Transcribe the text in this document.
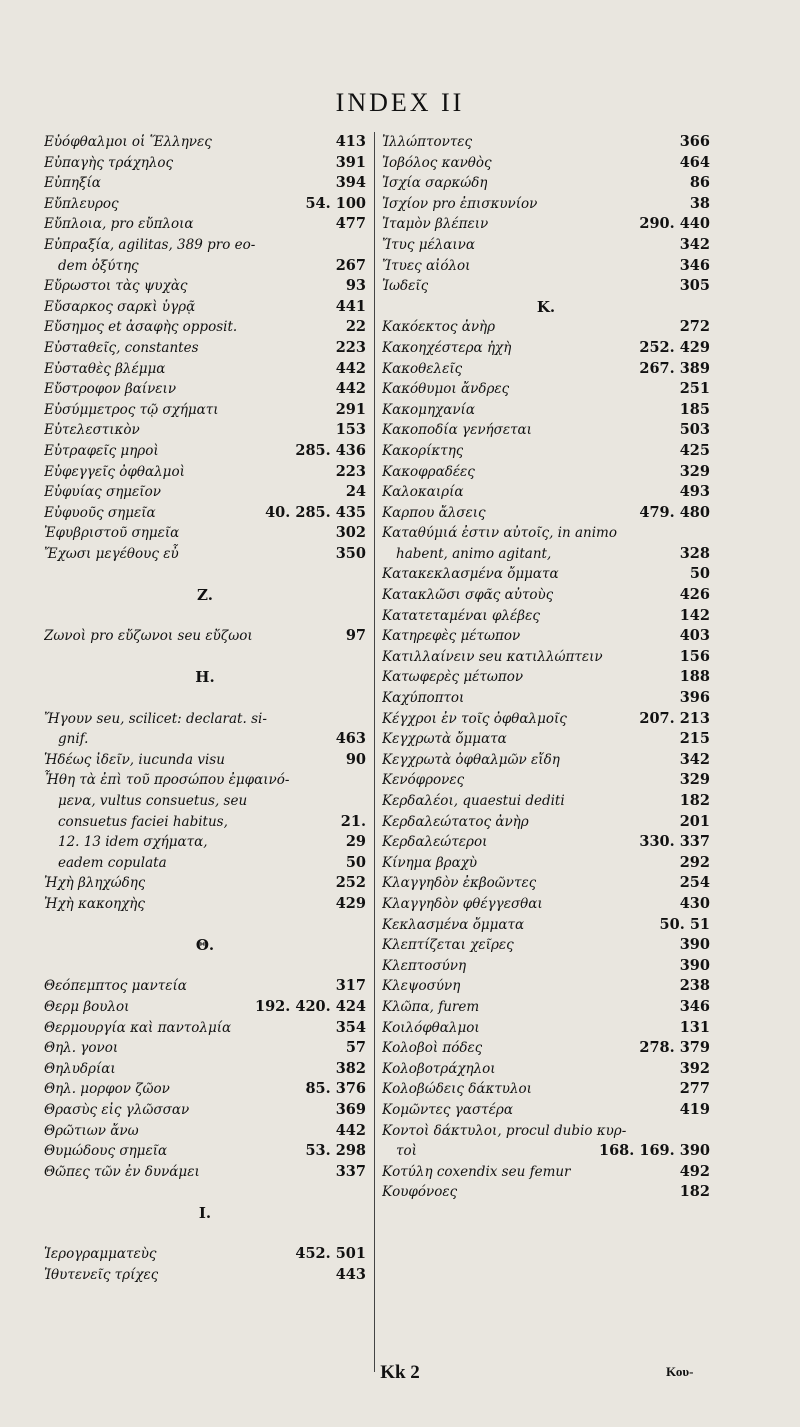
INDEX II
Εὐόφθαλμοι οἱ Ἕλληνες	413
Εὐπαγὴς τράχηλος	391
Εὐπηξία	394
Εὔπλευρος	54. 100
Εὔπλοια, pro εὔπλοια	477
Εὐπραξία, agilitas, 389 pro eo-
dem ὀξύτης	267
Εὔρωστοι τὰς ψυχὰς	93
Εὔσαρκος σαρκὶ ὑγρᾷ	441
Εὔσημος et ἀσαφὴς opposit.	22
Εὐσταθεῖς, constantes	223
Εὐσταθὲς βλέμμα	442
Εὔστροφον βαίνειν	442
Εὐσύμμετρος τῷ σχήματι	291
Εὐτελεστικὸν	153
Εὐτραφεῖς μηροὶ	285. 436
Εὐφεγγεῖς ὀφθαλμοὶ	223
Εὐφυίας σημεῖον	24
Εὐφυοῦς σημεῖα	40. 285. 435
Ἐφυβριστοῦ σημεῖα	302
Ἔχωσι μεγέθους εὖ	350
Z.
Ζωνοὶ pro εὔζωνοι seu εὔζωοι	97
H.
Ἤγουν seu, scilicet: declarat. si-
gnif.	463
Ἡδέως ἰδεῖν, iucunda visu	90
Ἦθη τὰ ἐπὶ τοῦ προσώπου ἐμφαινό-
μενα, vultus consuetus, seu
consuetus faciei habitus,	21.
12. 13 idem σχήματα,	29
eadem copulata	50
Ἠχὴ βληχώδης	252
Ἠχὴ κακοηχὴς	429
Θ.
Θεόπεμπτος μαντεία	317
Θερμ βουλοι	192. 420. 424
Θερμουργία καὶ παντολμία	354
Θηλ. γονοι	57
Θηλυδρίαι	382
Θηλ. μορφον ζῶον	85. 376
Θρασὺς εἰς γλῶσσαν	369
Θρῶτιων ἄνω	442
Θυμώδους σημεῖα	53. 298
Θῶπες τῶν ἐν δυνάμει	337
I.
Ἱερογραμματεὺς	452. 501
Ἰθυτενεῖς τρίχες	443
Ἰλλώπτοντες	366
Ἰοβόλος κανθὸς	464
Ἰσχία σαρκώδη	86
Ἰσχίον pro ἐπισκυνίον	38
Ἰταμὸν βλέπειν	290. 440
Ἴτυς μέλαινα	342
Ἴτυες αἰόλοι	346
Ἰωδεῖς	305
K.
Κακόεκτος ἀνὴρ	272
Κακοηχέστερα ἠχὴ	252. 429
Κακοθελεῖς	267. 389
Κακόθυμοι ἄνδρες	251
Κακομηχανία	185
Κακοποδία γενήσεται	503
Κακορίκτης	425
Κακοφραδέες	329
Καλοκαιρία	493
Καρπου ἄλσεις	479. 480
Καταθύμιά ἐστιν αὐτοῖς, in animo
habent, animo agitant,	328
Κατακεκλασμένα ὄμματα	50
Κατακλῶσι σφᾶς αὐτοὺς	426
Κατατεταμέναι φλέβες	142
Κατηρεφὲς μέτωπον	403
Κατιλλαίνειν seu κατιλλώπτειν	156
Κατωφερὲς μέτωπον	188
Καχύποπτοι	396
Κέγχροι ἐν τοῖς ὀφθαλμοῖς	207. 213
Κεγχρωτὰ ὄμματα	215
Κεγχρωτὰ ὀφθαλμῶν εἴδη	342
Κενόφρονες	329
Κερδαλέοι, quaestui dediti	182
Κερδαλεώτατος ἀνὴρ	201
Κερδαλεώτεροι	330. 337
Κίνημα βραχὺ	292
Κλαγγηδὸν ἐκβοῶντες	254
Κλαγγηδὸν φθέγγεσθαι	430
Κεκλασμένα ὄμματα	50. 51
Κλεπτίζεται χεῖρες	390
Κλεπτοσύνη	390
Κλεψοσύνη	238
Κλῶπα, furem	346
Κοιλόφθαλμοι	131
Κολοβοὶ πόδες	278. 379
Κολοβοτράχηλοι	392
Κολοβώδεις δάκτυλοι	277
Κομῶντες γαστέρα	419
Κοντοὶ δάκτυλοι, procul dubio κυρ-
τοὶ	168. 169. 390
Κοτύλη coxendix seu femur	492
Κουφόνοες	182
Kk 2	Κου-
